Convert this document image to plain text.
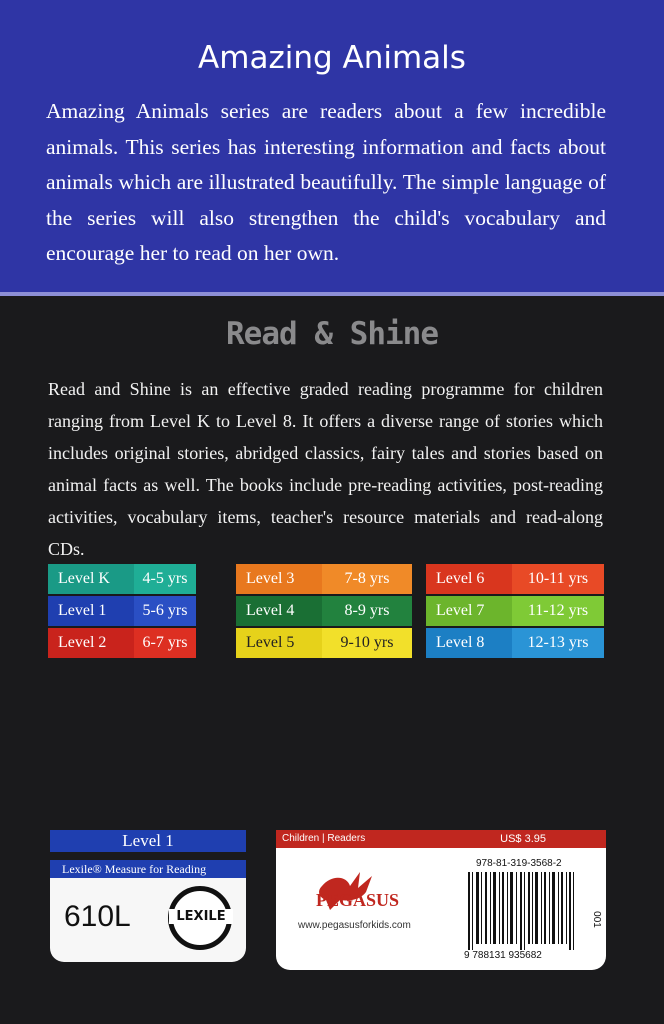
Amazing Animals
Amazing Animals series are readers about a few incredible animals. This series has interesting information and facts about animals which are illustrated beautifully. The simple language of the series will also strengthen the child's vocabulary and encourage her to read on her own.
Read & Shine
Read and Shine is an effective graded reading programme for children ranging from Level K to Level 8. It offers a diverse range of stories which includes original stories, abridged classics, fairy tales and stories based on animal facts as well. The books include pre-reading activities, post-reading activities, vocabulary items, teacher's resource materials and read-along CDs.
Level K	4-5 yrs
Level 1	5-6 yrs
Level 2	6-7 yrs
Level 3	7-8 yrs
Level 4	8-9 yrs
Level 5	9-10 yrs
Level 6	10-11 yrs
Level 7	11-12 yrs
Level 8	12-13 yrs
Level 1
Lexile® Measure for Reading
610L	LEXILE
Children | Readers	US$ 3.95
PEGASUS
www.pegasusforkids.com
978-81-319-3568-2
9 788131 935682
001
